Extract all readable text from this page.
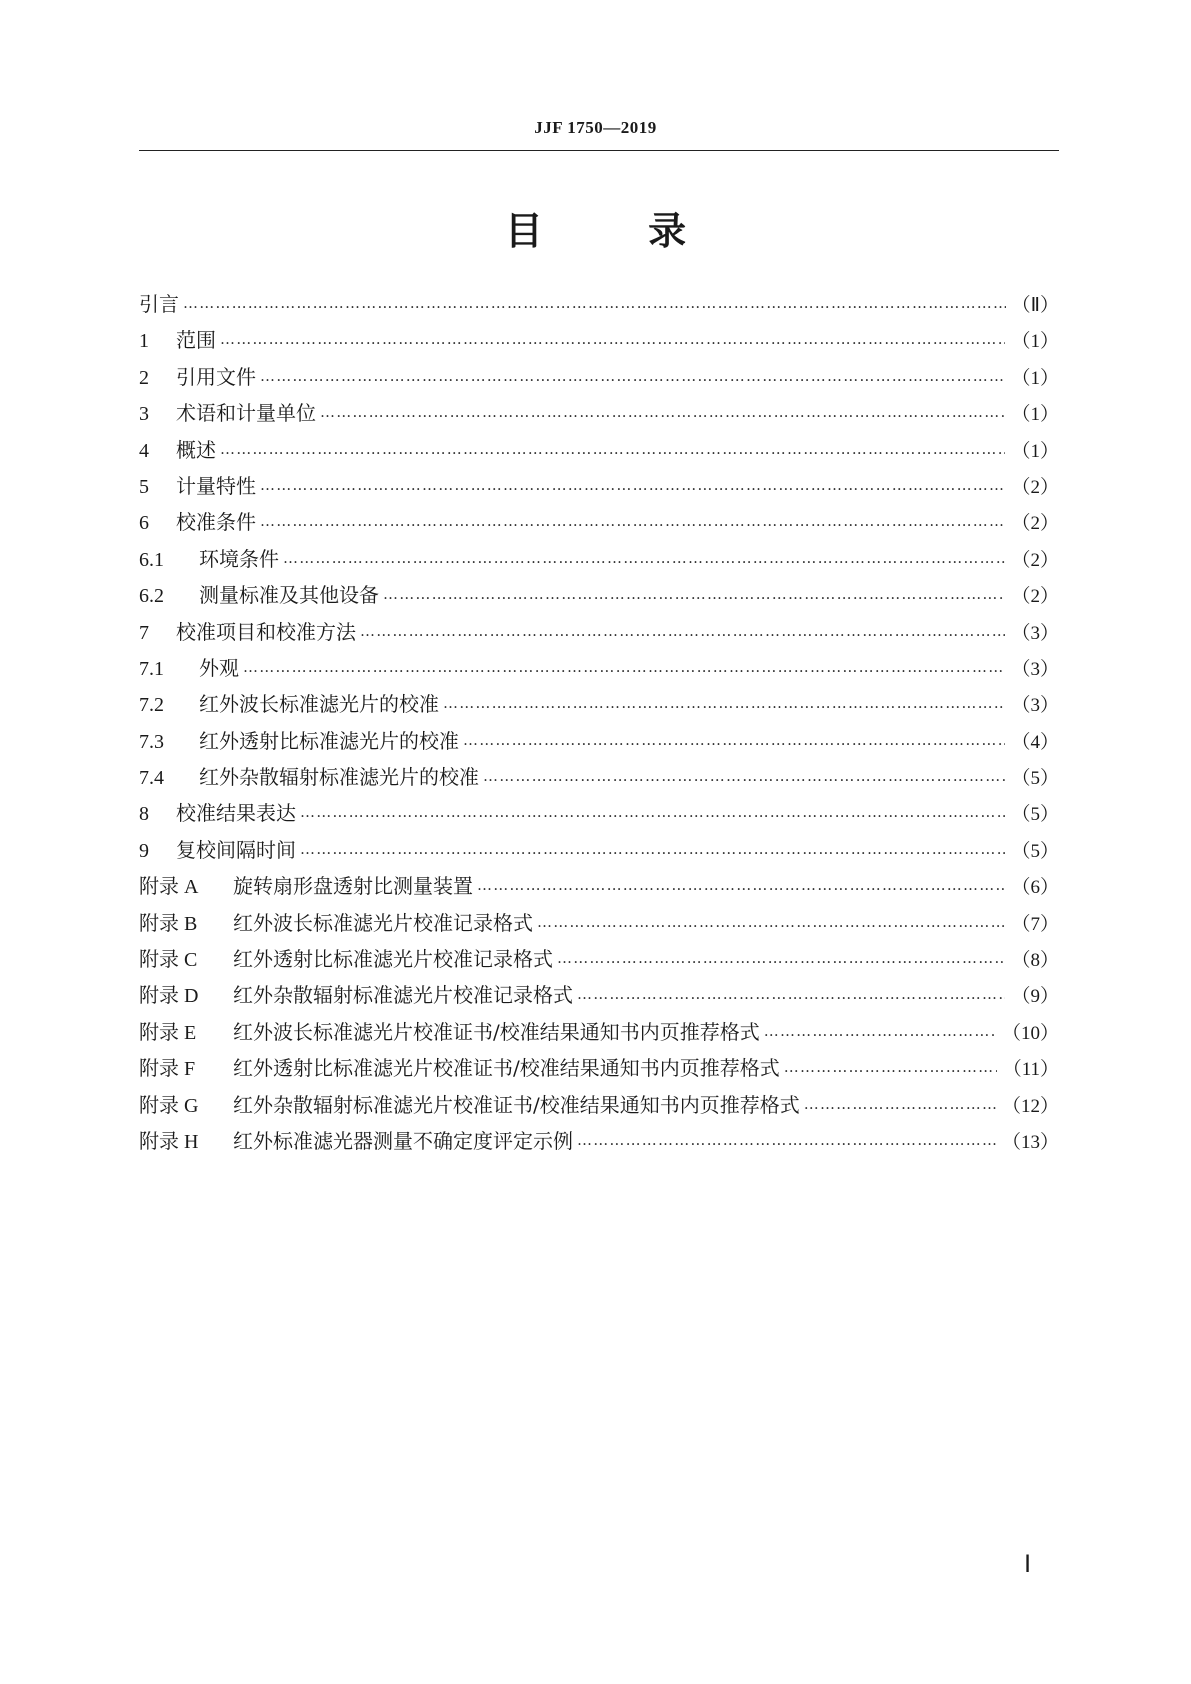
JJF 1750—2019
目	录
引言 ……………………………………………………………………………………………………………………………………………………………………………………………………………………	（Ⅱ）
1	范围 ……………………………………………………………………………………………………………………………………………………………………………………………………………………	（1）
2	引用文件 ……………………………………………………………………………………………………………………………………………………………………………………………………………………	（1）
3	术语和计量单位 ……………………………………………………………………………………………………………………………………………………………………………………………………………………	（1）
4	概述 ……………………………………………………………………………………………………………………………………………………………………………………………………………………	（1）
5	计量特性 ……………………………………………………………………………………………………………………………………………………………………………………………………………………	（2）
6	校准条件 ……………………………………………………………………………………………………………………………………………………………………………………………………………………	（2）
6.1	环境条件 ……………………………………………………………………………………………………………………………………………………………………………………………………………………	（2）
6.2	测量标准及其他设备 ……………………………………………………………………………………………………………………………………………………………………………………………………………………	（2）
7	校准项目和校准方法 ……………………………………………………………………………………………………………………………………………………………………………………………………………………	（3）
7.1	外观 ……………………………………………………………………………………………………………………………………………………………………………………………………………………	（3）
7.2	红外波长标准滤光片的校准 ……………………………………………………………………………………………………………………………………………………………………………………………………………………	（3）
7.3	红外透射比标准滤光片的校准 ……………………………………………………………………………………………………………………………………………………………………………………………………………………	（4）
7.4	红外杂散辐射标准滤光片的校准 ……………………………………………………………………………………………………………………………………………………………………………………………………………………	（5）
8	校准结果表达 ……………………………………………………………………………………………………………………………………………………………………………………………………………………	（5）
9	复校间隔时间 ……………………………………………………………………………………………………………………………………………………………………………………………………………………	（5）
附录 A	旋转扇形盘透射比测量装置 ……………………………………………………………………………………………………………………………………………………………………………………………………………………	（6）
附录 B	红外波长标准滤光片校准记录格式 ……………………………………………………………………………………………………………………………………………………………………………………………………………………	（7）
附录 C	红外透射比标准滤光片校准记录格式 ……………………………………………………………………………………………………………………………………………………………………………………………………………………	（8）
附录 D	红外杂散辐射标准滤光片校准记录格式 ……………………………………………………………………………………………………………………………………………………………………………………………………………………	（9）
附录 E	红外波长标准滤光片校准证书/校准结果通知书内页推荐格式 ……………………………………………………………………………………………………………………………………………………………………………………………………………………	（10）
附录 F	红外透射比标准滤光片校准证书/校准结果通知书内页推荐格式 ……………………………………………………………………………………………………………………………………………………………………………………………………………………	（11）
附录 G	红外杂散辐射标准滤光片校准证书/校准结果通知书内页推荐格式 ……………………………………………………………………………………………………………………………………………………………………………………………………………………	（12）
附录 H	红外标准滤光器测量不确定度评定示例 ……………………………………………………………………………………………………………………………………………………………………………………………………………………	（13）
Ⅰ
